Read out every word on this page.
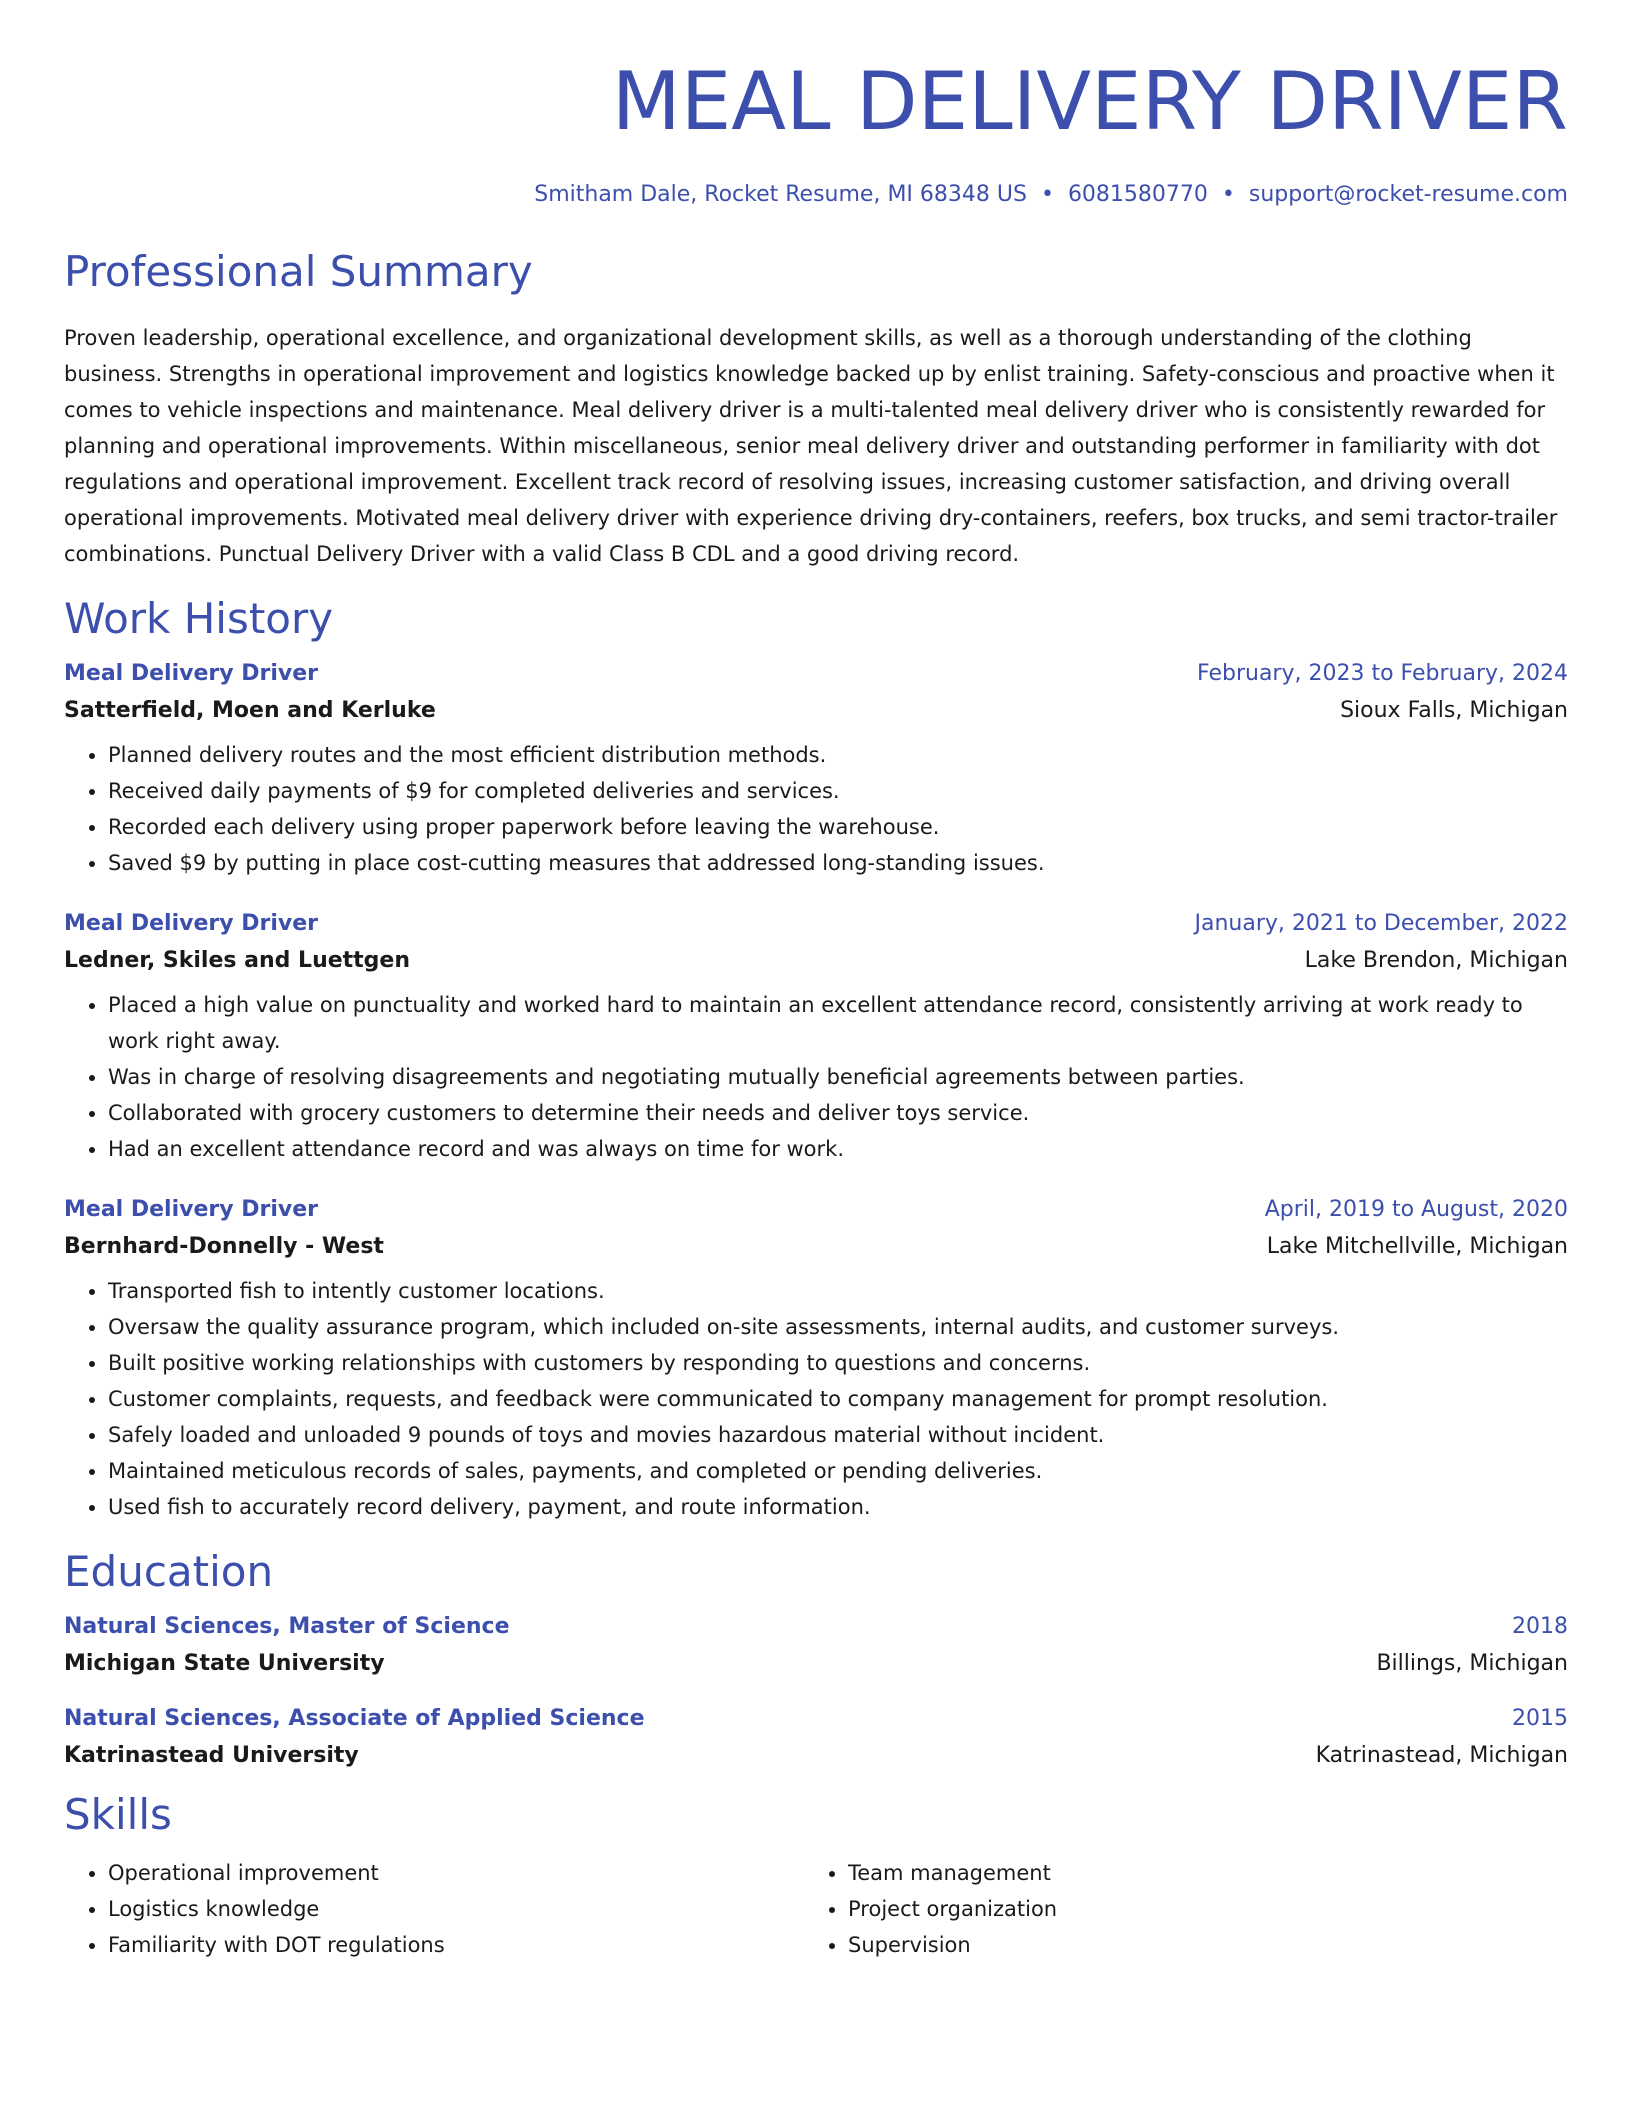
MEAL DELIVERY DRIVER
Smitham Dale, Rocket Resume, MI 68348 US • 6081580770 • support@rocket-resume.com
Professional Summary
Proven leadership, operational excellence, and organizational development skills, as well as a thorough understanding of the clothing business. Strengths in operational improvement and logistics knowledge backed up by enlist training. Safety-conscious and proactive when it comes to vehicle inspections and maintenance. Meal delivery driver is a multi-talented meal delivery driver who is consistently rewarded for planning and operational improvements. Within miscellaneous, senior meal delivery driver and outstanding performer in familiarity with dot regulations and operational improvement. Excellent track record of resolving issues, increasing customer satisfaction, and driving overall operational improvements. Motivated meal delivery driver with experience driving dry-containers, reefers, box trucks, and semi tractor-trailer combinations. Punctual Delivery Driver with a valid Class B CDL and a good driving record.
Work History
Meal Delivery Driver	February, 2023 to February, 2024
Satterfield, Moen and Kerluke	Sioux Falls, Michigan
• Planned delivery routes and the most efficient distribution methods.
• Received daily payments of $9 for completed deliveries and services.
• Recorded each delivery using proper paperwork before leaving the warehouse.
• Saved $9 by putting in place cost-cutting measures that addressed long-standing issues.
Meal Delivery Driver	January, 2021 to December, 2022
Ledner, Skiles and Luettgen	Lake Brendon, Michigan
• Placed a high value on punctuality and worked hard to maintain an excellent attendance record, consistently arriving at work ready to work right away.
• Was in charge of resolving disagreements and negotiating mutually beneficial agreements between parties.
• Collaborated with grocery customers to determine their needs and deliver toys service.
• Had an excellent attendance record and was always on time for work.
Meal Delivery Driver	April, 2019 to August, 2020
Bernhard-Donnelly - West	Lake Mitchellville, Michigan
• Transported fish to intently customer locations.
• Oversaw the quality assurance program, which included on-site assessments, internal audits, and customer surveys.
• Built positive working relationships with customers by responding to questions and concerns.
• Customer complaints, requests, and feedback were communicated to company management for prompt resolution.
• Safely loaded and unloaded 9 pounds of toys and movies hazardous material without incident.
• Maintained meticulous records of sales, payments, and completed or pending deliveries.
• Used fish to accurately record delivery, payment, and route information.
Education
Natural Sciences, Master of Science	2018
Michigan State University	Billings, Michigan
Natural Sciences, Associate of Applied Science	2015
Katrinastead University	Katrinastead, Michigan
Skills
• Operational improvement
• Logistics knowledge
• Familiarity with DOT regulations
• Team management
• Project organization
• Supervision
